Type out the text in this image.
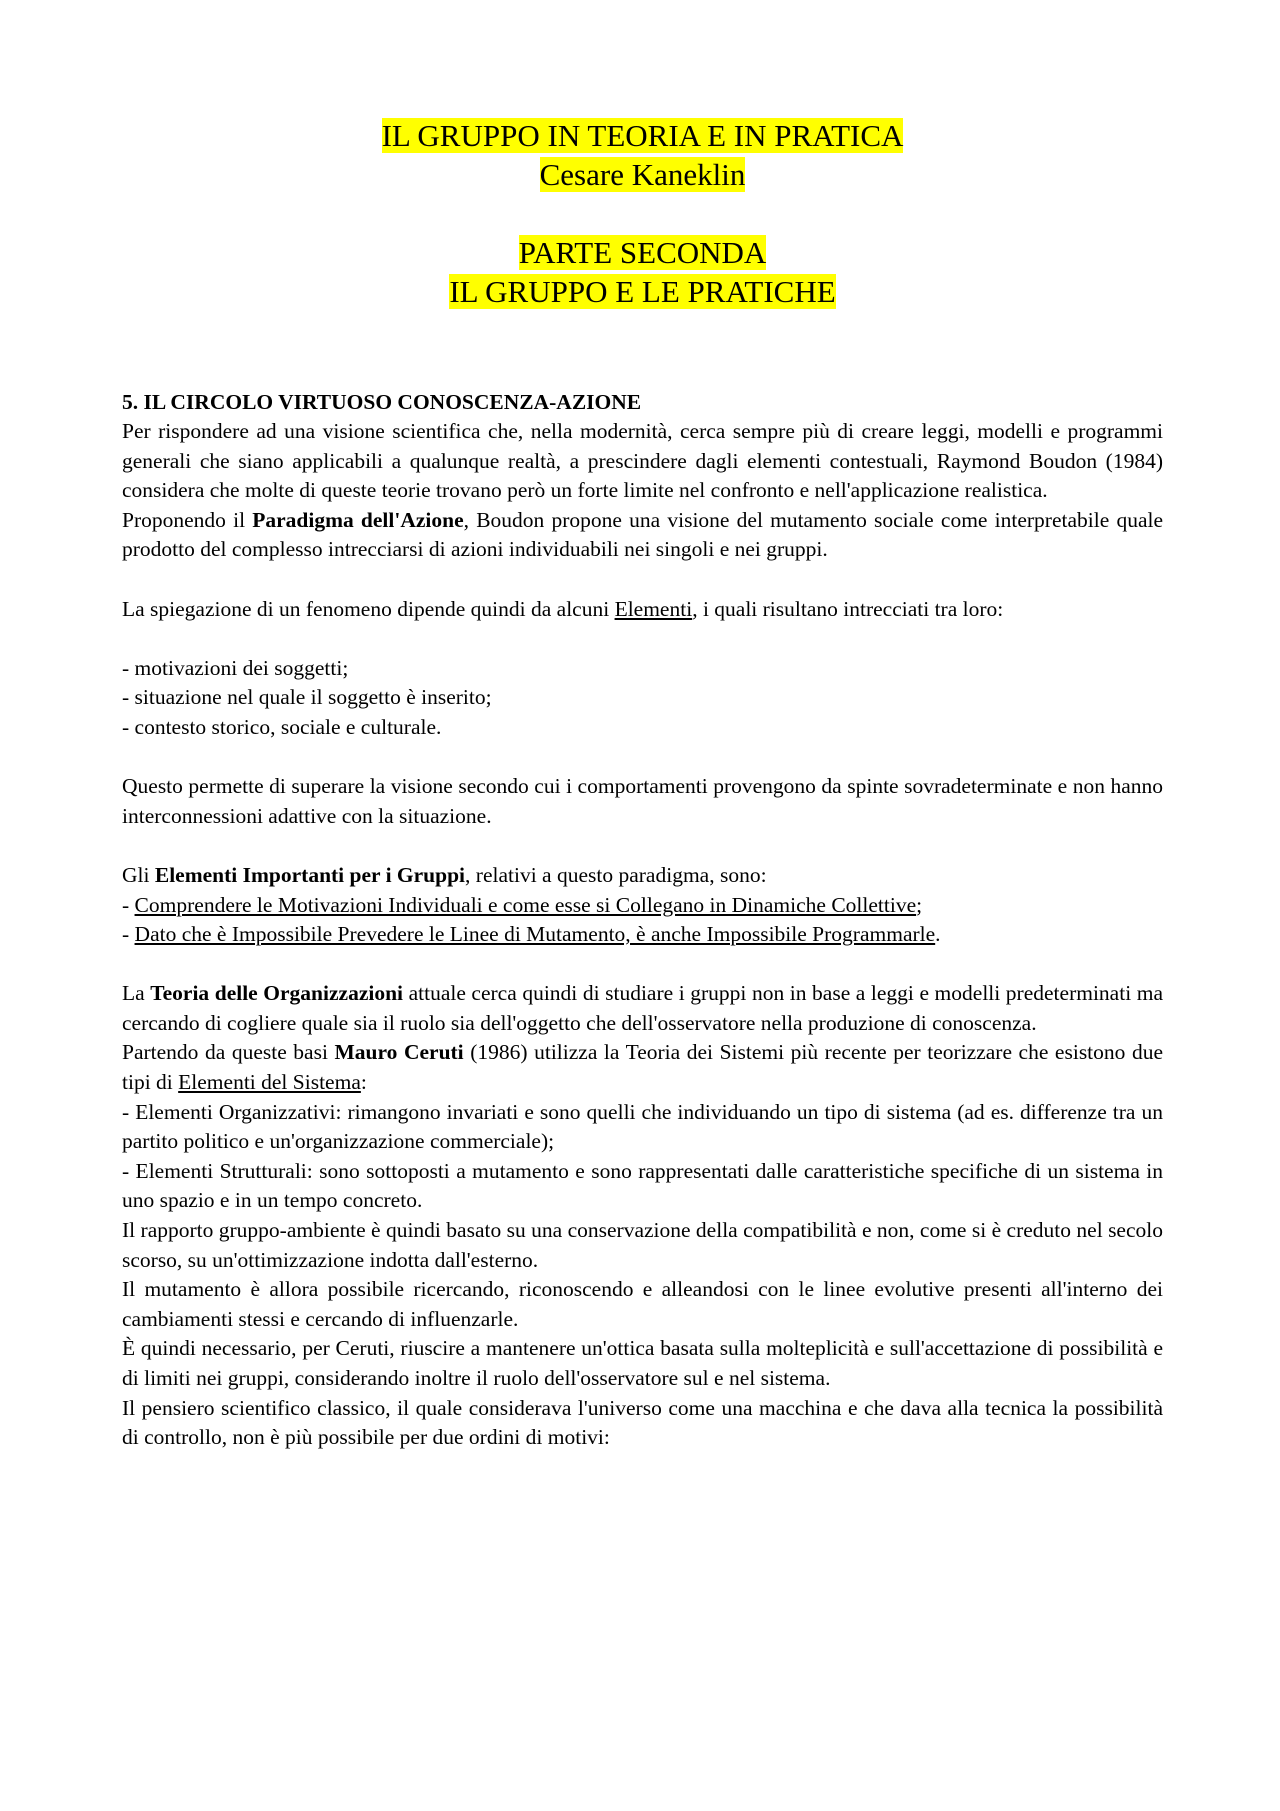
IL GRUPPO IN TEORIA E IN PRATICA
Cesare Kaneklin
PARTE SECONDA
IL GRUPPO E LE PRATICHE
5. IL CIRCOLO VIRTUOSO CONOSCENZA-AZIONE

Per rispondere ad una visione scientifica che, nella modernità, cerca sempre più di creare leggi, modelli e programmi generali che siano applicabili a qualunque realtà, a prescindere dagli elementi contestuali, Raymond Boudon (1984) considera che molte di queste teorie trovano però un forte limite nel confronto e nell'applicazione realistica.

Proponendo il Paradigma dell'Azione, Boudon propone una visione del mutamento sociale come interpretabile quale prodotto del complesso intrecciarsi di azioni individuabili nei singoli e nei gruppi.

La spiegazione di un fenomeno dipende quindi da alcuni Elementi, i quali risultano intrecciati tra loro:

- motivazioni dei soggetti;

- situazione nel quale il soggetto è inserito;

- contesto storico, sociale e culturale.

Questo permette di superare la visione secondo cui i comportamenti provengono da spinte sovradeterminate e non hanno interconnessioni adattive con la situazione.

Gli Elementi Importanti per i Gruppi, relativi a questo paradigma, sono:

- Comprendere le Motivazioni Individuali e come esse si Collegano in Dinamiche Collettive;

- Dato che è Impossibile Prevedere le Linee di Mutamento, è anche Impossibile Programmarle.

La Teoria delle Organizzazioni attuale cerca quindi di studiare i gruppi non in base a leggi e modelli predeterminati ma cercando di cogliere quale sia il ruolo sia dell'oggetto che dell'osservatore nella produzione di conoscenza.

Partendo da queste basi Mauro Ceruti (1986) utilizza la Teoria dei Sistemi più recente per teorizzare che esistono due tipi di Elementi del Sistema:

- Elementi Organizzativi: rimangono invariati e sono quelli che individuando un tipo di sistema (ad es. differenze tra un partito politico e un'organizzazione commerciale);

- Elementi Strutturali: sono sottoposti a mutamento e sono rappresentati dalle caratteristiche specifiche di un sistema in uno spazio e in un tempo concreto.

Il rapporto gruppo-ambiente è quindi basato su una conservazione della compatibilità e non, come si è creduto nel secolo scorso, su un'ottimizzazione indotta dall'esterno.

Il mutamento è allora possibile ricercando, riconoscendo e alleandosi con le linee evolutive presenti all'interno dei cambiamenti stessi e cercando di influenzarle.

È quindi necessario, per Ceruti, riuscire a mantenere un'ottica basata sulla molteplicità e sull'accettazione di possibilità e di limiti nei gruppi, considerando inoltre il ruolo dell'osservatore sul e nel sistema.

Il pensiero scientifico classico, il quale considerava l'universo come una macchina e che dava alla tecnica la possibilità di controllo, non è più possibile per due ordini di motivi:
